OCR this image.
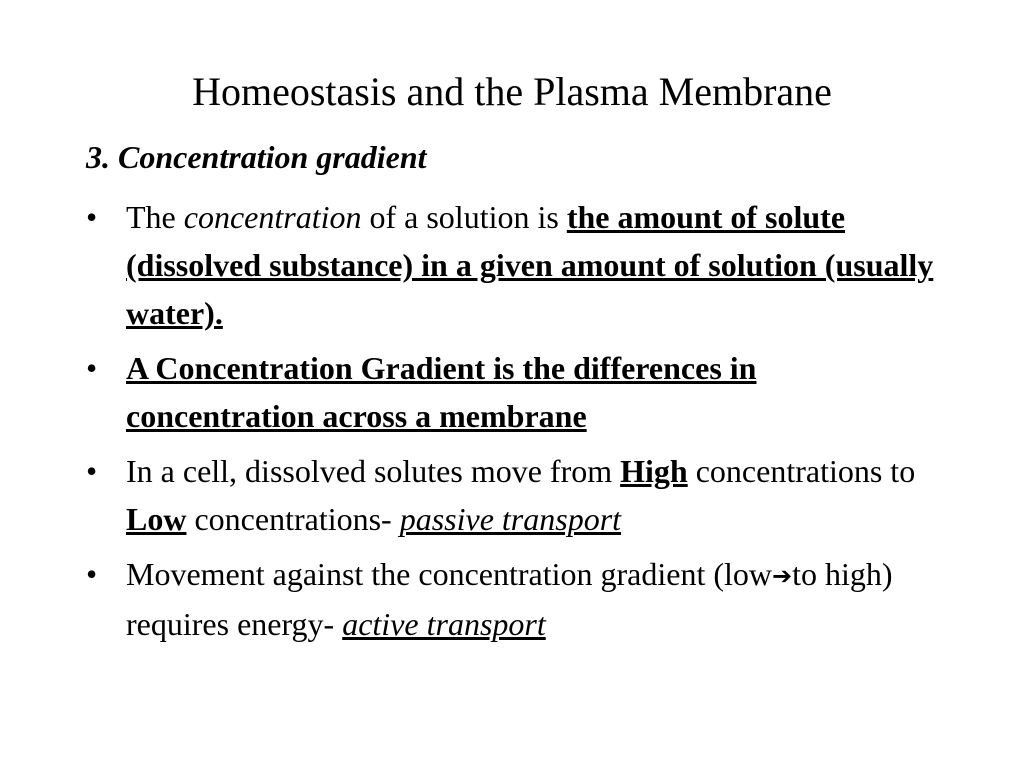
Homeostasis and the Plasma Membrane

3. Concentration gradient

• The concentration of a solution is the amount of solute (dissolved substance) in a given amount of solution (usually water).
• A Concentration Gradient is the differences in concentration across a membrane
• In a cell, dissolved solutes move from High concentrations to Low concentrations- passive transport
• Movement against the concentration gradient (low➔to high) requires energy- active transport
